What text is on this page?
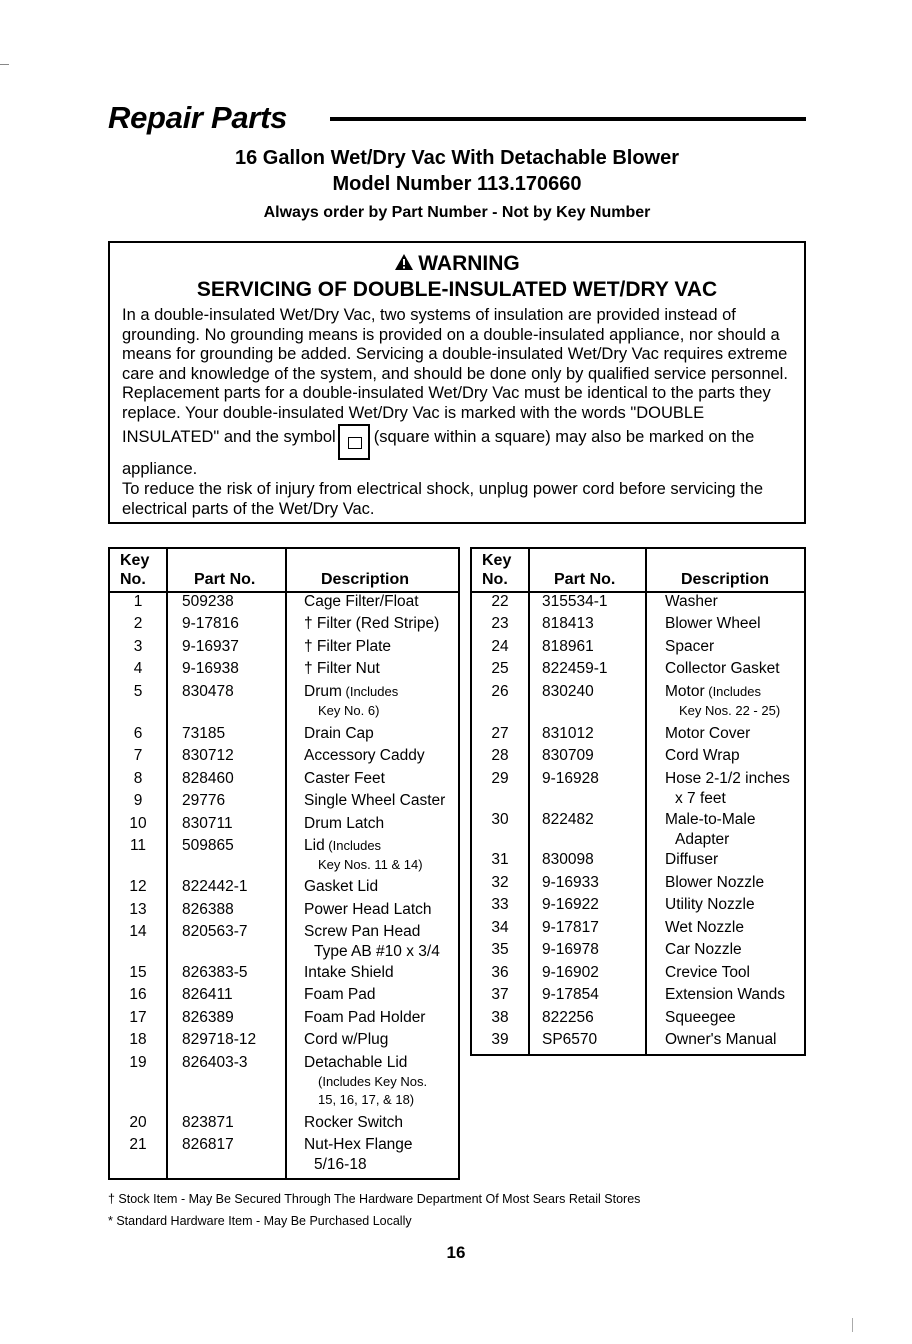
Repair Parts
16 Gallon Wet/Dry Vac With Detachable Blower
Model Number 113.170660
Always order by Part Number - Not by Key Number
WARNING
SERVICING OF DOUBLE-INSULATED WET/DRY VAC

In a double-insulated Wet/Dry Vac, two systems of insulation are provided instead of grounding. No grounding means is provided on a double-insulated appliance, nor should a means for grounding be added. Servicing a double-insulated Wet/Dry Vac requires extreme care and knowledge of the system, and should be done only by qualified service personnel. Replacement parts for a double-insulated Wet/Dry Vac must be identical to the parts they replace. Your double-insulated Wet/Dry Vac is marked with the words "DOUBLE INSULATED" and the symbol (square within a square) may also be marked on the appliance.

To reduce the risk of injury from electrical shock, unplug power cord before servicing the electrical parts of the Wet/Dry Vac.

Key
No.	Part No.	Description
1	509238	Cage Filter/Float
2	9-17816	† Filter (Red Stripe)
3	9-16937	† Filter Plate
4	9-16938	† Filter Nut
5	830478	Drum (Includes
Key No. 6)
6	73185	Drain Cap
7	830712	Accessory Caddy
8	828460	Caster Feet
9	29776	Single Wheel Caster
10	830711	Drum Latch
11	509865	Lid (Includes
Key Nos. 11 & 14)
12	822442-1	Gasket Lid
13	826388	Power Head Latch
14	820563-7	Screw Pan Head
Type AB #10 x 3/4
15	826383-5	Intake Shield
16	826411	Foam Pad
17	826389	Foam Pad Holder
18	829718-12	Cord w/Plug
19	826403-3	Detachable Lid
(Includes Key Nos.
15, 16, 17, & 18)
20	823871	Rocker Switch
21	826817	Nut-Hex Flange
5/16-18
Key
No.	Part No.	Description
22	315534-1	Washer
23	818413	Blower Wheel
24	818961	Spacer
25	822459-1	Collector Gasket
26	830240	Motor (Includes
Key Nos. 22 - 25)
27	831012	Motor Cover
28	830709	Cord Wrap
29	9-16928	Hose 2-1/2 inches
x 7 feet
30	822482	Male-to-Male
Adapter
31	830098	Diffuser
32	9-16933	Blower Nozzle
33	9-16922	Utility Nozzle
34	9-17817	Wet Nozzle
35	9-16978	Car Nozzle
36	9-16902	Crevice Tool
37	9-17854	Extension Wands
38	822256	Squeegee
39	SP6570	Owner's Manual
† Stock Item - May Be Secured Through The Hardware Department Of Most Sears Retail Stores
* Standard Hardware Item - May Be Purchased Locally
16
